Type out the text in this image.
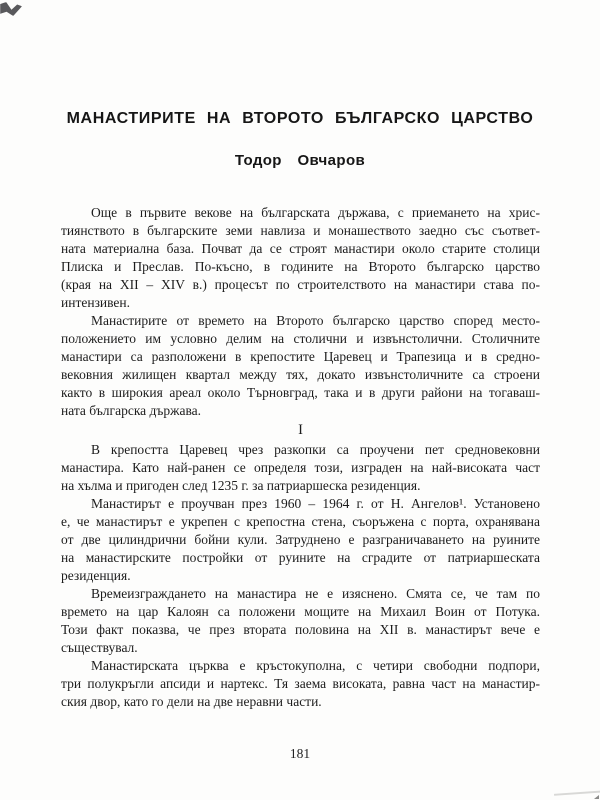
МАНАСТИРИТЕ НА ВТОРОТО БЪЛГАРСКО ЦАРСТВО
Тодор Овчаров
Още в първите векове на българската държава, с приемането на хрис-
тиянството в българските земи навлиза и монашеството заедно със съответ-
ната материална база. Почват да се строят манастири около старите столици
Плиска и Преслав. По-късно, в годините на Второто българско царство
(края на XII – XIV в.) процесът по строителството на манастири става по-
интензивен.
Манастирите от времето на Второто българско царство според место-
положението им условно делим на столични и извънстолични. Столичните
манастири са разположени в крепостите Царевец и Трапезица и в средно-
вековния жилищен квартал между тях, докато извънстоличните са строени
както в широкия ареал около Търновград, така и в други райони на тогаваш-
ната българска държава.
I
В крепостта Царевец чрез разкопки са проучени пет средновековни
манастира. Като най-ранен се определя този, изграден на най-високата част
на хълма и пригоден след 1235 г. за патриаршеска резиденция.
Манастирът е проучван през 1960 – 1964 г. от Н. Ангелов¹. Установено
е, че манастирът е укрепен с крепостна стена, съоръжена с порта, охранявана
от две цилиндрични бойни кули. Затруднено е разграничаването на руините
на манастирските постройки от руините на сградите от патриаршеската
резиденция.
Времеизграждането на манастира не е изяснено. Смята се, че там по
времето на цар Калоян са положени мощите на Михаил Воин от Потука.
Този факт показва, че през втората половина на XII в. манастирът вече е
съществувал.
Манастирската църква е кръстокуполна, с четири свободни подпори,
три полукръгли апсиди и нартекс. Тя заема високата, равна част на манастир-
ския двор, като го дели на две неравни части.
181
